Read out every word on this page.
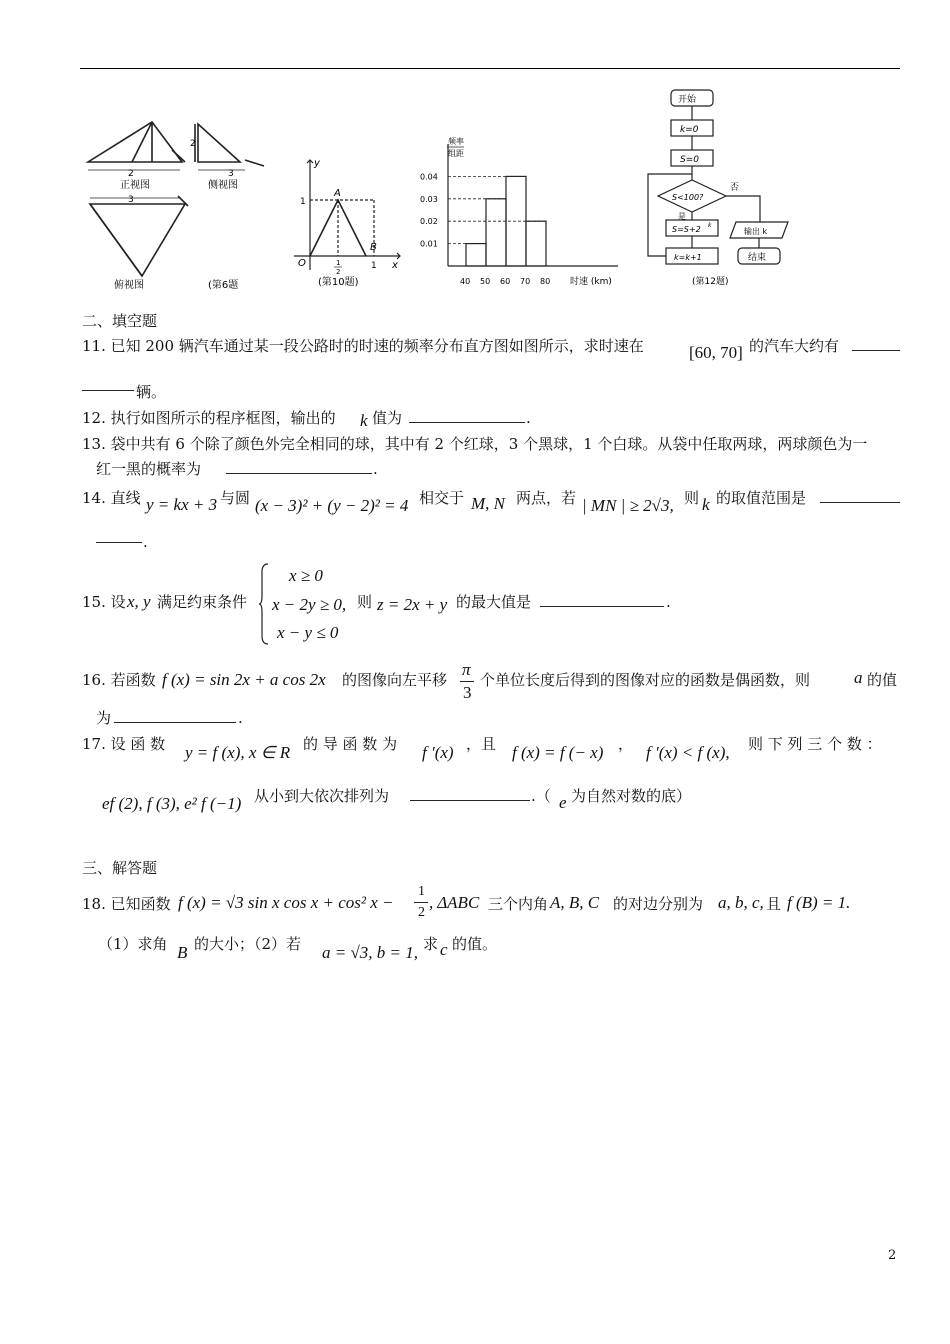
2
2
3
3
正视图	侧视图
俯视图	(第6题
y
x
O
A
B
1
1
2
1
(第10题)
频率
组距
时速 (km)
0.01
0.02
0.03
0.04
40 50 60 70 80
开始
k=0
S=0
S<100?
否
是
S=S+2 k
k=k+1
输出 k
结束
(第12题)
二、填空题
11. 已知 200 辆汽车通过某一段公路时的时速的频率分布直方图如图所示，求时速在	[60, 70] 的汽车大约有
辆。
12. 执行如图所示的程序框图，输出的 k 值为	.
13. 袋中共有 6 个除了颜色外完全相同的球，其中有 2 个红球，3 个黑球，1 个白球。从袋中任取两球，两球颜色为一
红一黑的概率为	.
14. 直线 y = kx + 3 与圆 (x − 3)² + (y − 2)² = 4 相交于 M, N 两点，若 | MN | ≥ 2√3, 则 k 的取值范围是
.
15. 设 x, y 满足约束条件
x ≥ 0
x − 2y ≥ 0,
x − y ≤ 0
则 z = 2x + y 的最大值是	.
16. 若函数 f (x) = sin 2x + a cos 2x 的图像向左平移
π
3
个单位长度后得到的图像对应的函数是偶函数，则	a 的值
为	.
17. 设 函 数 y = f (x), x ∈ R 的 导 函 数 为 f ′(x) ，且 f (x) = f (− x) ， f ′(x) < f (x), 则 下 列 三 个 数 ：
ef (2), f (3), e² f (−1) 从小到大依次排列为	.（ e 为自然对数的底）
三、解答题
18. 已知函数 f (x) = √3 sin x cos x + cos² x −
1
2
, ΔABC 三个内角 A, B, C 的对边分别为 a, b, c, 且 f (B) = 1.
（1）求角 B 的大小；（2）若 a = √3, b = 1, 求 c 的值。
2
